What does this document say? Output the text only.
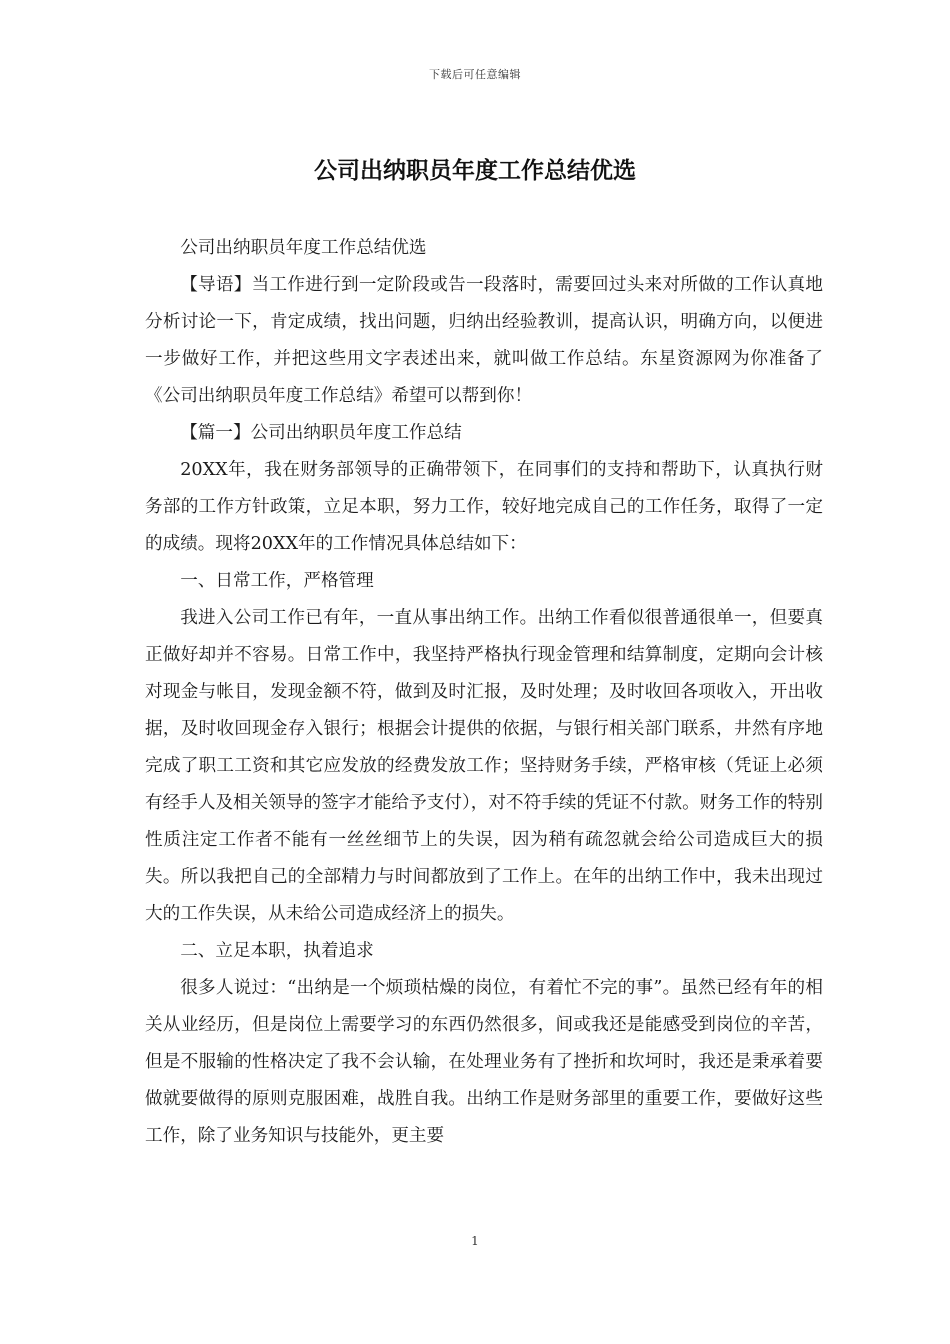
下载后可任意编辑
公司出纳职员年度工作总结优选

公司出纳职员年度工作总结优选

【导语】当工作进行到一定阶段或告一段落时，需要回过头来对所做的工作认真地分析讨论一下，肯定成绩，找出问题，归纳出经验教训，提高认识，明确方向，以便进一步做好工作，并把这些用文字表述出来，就叫做工作总结。东星资源网为你准备了《公司出纳职员年度工作总结》希望可以帮到你！

【篇一】公司出纳职员年度工作总结

20XX年，我在财务部领导的正确带领下，在同事们的支持和帮助下，认真执行财务部的工作方针政策，立足本职，努力工作，较好地完成自己的工作任务，取得了一定的成绩。现将20XX年的工作情况具体总结如下：

一、日常工作，严格管理

我进入公司工作已有年，一直从事出纳工作。出纳工作看似很普通很单一，但要真正做好却并不容易。日常工作中，我坚持严格执行现金管理和结算制度，定期向会计核对现金与帐目，发现金额不符，做到及时汇报，及时处理；及时收回各项收入，开出收据，及时收回现金存入银行；根据会计提供的依据，与银行相关部门联系，井然有序地完成了职工工资和其它应发放的经费发放工作；坚持财务手续，严格审核（凭证上必须有经手人及相关领导的签字才能给予支付），对不符手续的凭证不付款。财务工作的特别性质注定工作者不能有一丝丝细节上的失误，因为稍有疏忽就会给公司造成巨大的损失。所以我把自己的全部精力与时间都放到了工作上。在年的出纳工作中，我未出现过大的工作失误，从未给公司造成经济上的损失。

二、立足本职，执着追求

很多人说过：“出纳是一个烦琐枯燥的岗位，有着忙不完的事”。虽然已经有年的相关从业经历，但是岗位上需要学习的东西仍然很多，间或我还是能感受到岗位的辛苦，但是不服输的性格决定了我不会认输，在处理业务有了挫折和坎坷时，我还是秉承着要做就要做得的原则克服困难，战胜自我。出纳工作是财务部里的重要工作，要做好这些工作，除了业务知识与技能外，更主要

1
